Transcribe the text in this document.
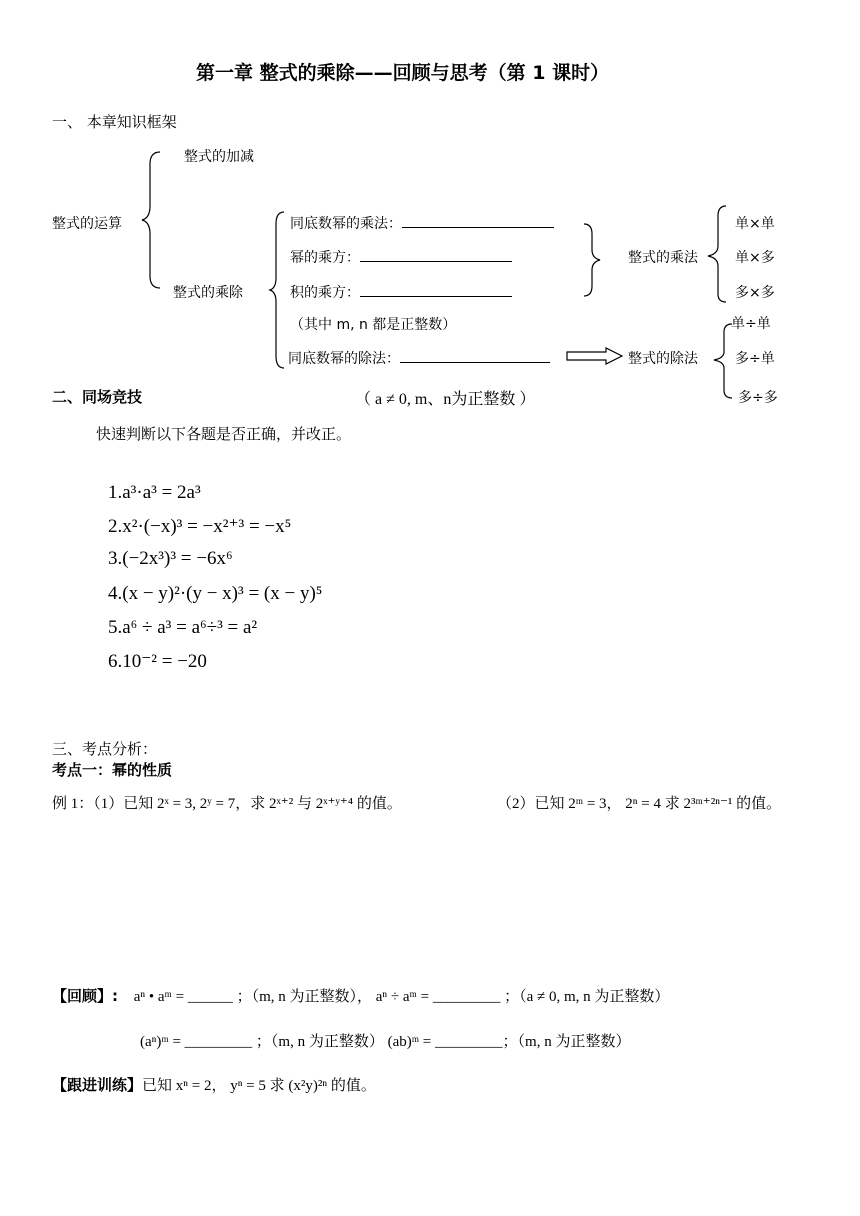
第一章 整式的乘除——回顾与思考（第 1 课时）
一、 本章知识框架
整式的运算
整式的加减
整式的乘除
同底数幂的乘法：
幂的乘方：
积的乘方：
（其中 m, n 都是正整数）
同底数幂的除法：
整式的乘法
单×单
单×多
多×多
整式的除法
单÷单
多÷单
多÷多
二、同场竞技	（ a ≠ 0, m、n为正整数 ）
快速判断以下各题是否正确，并改正。
1.a³·a³ = 2a³
2.x²·(−x)³ = −x²⁺³ = −x⁵
3.(−2x³)³ = −6x⁶
4.(x − y)²·(y − x)³ = (x − y)⁵
5.a⁶ ÷ a³ = a⁶÷³ = a²
6.10⁻² = −20
三、考点分析：
考点一：幂的性质
例 1：（1）已知 2ˣ = 3, 2ʸ = 7，求 2ˣ⁺² 与 2ˣ⁺ʸ⁺⁴ 的值。	（2）已知 2ᵐ = 3， 2ⁿ = 4 求 2³ᵐ⁺²ⁿ⁻¹ 的值。
【回顾】: aⁿ • aᵐ = ______ ；（m, n 为正整数）， aⁿ ÷ aᵐ = _________ ；（a ≠ 0, m, n 为正整数）
(aⁿ)ᵐ = _________ ；（m, n 为正整数） (ab)ᵐ = _________；（m, n 为正整数）
【跟进训练】已知 xⁿ = 2， yⁿ = 5 求 (x²y)²ⁿ 的值。
